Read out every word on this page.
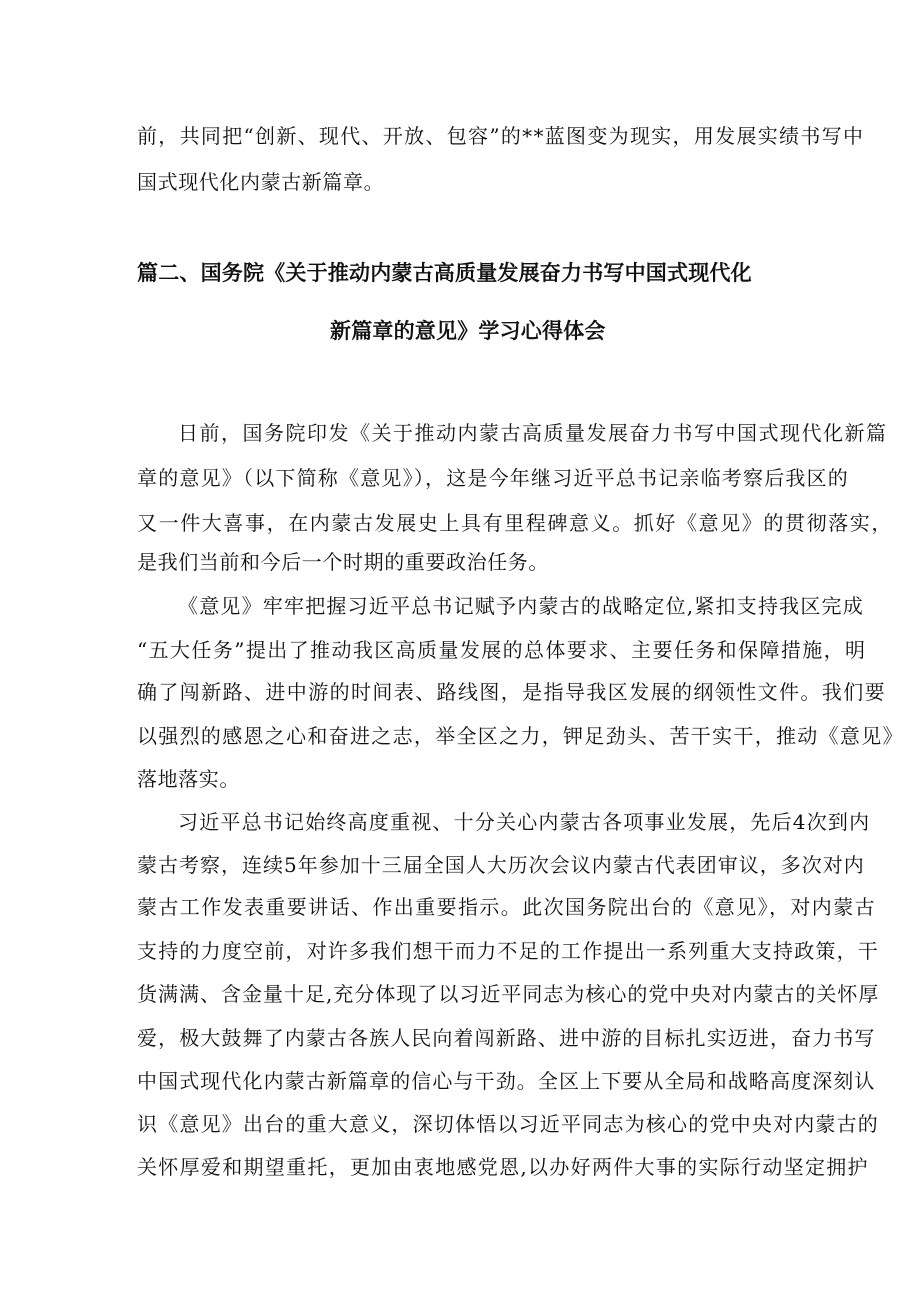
前，共同把“创新、现代、开放、包容”的**蓝图变为现实，用发展实绩书写中
国式现代化内蒙古新篇章。
篇二、国务院《关于推动内蒙古高质量发展奋力书写中国式现代化
新篇章的意见》学习心得体会
日前，国务院印发《关于推动内蒙古高质量发展奋力书写中国式现代化新篇
章的意见》（以下简称《意见》），这是今年继习近平总书记亲临考察后我区的
又一件大喜事，在内蒙古发展史上具有里程碑意义。抓好《意见》的贯彻落实，
是我们当前和今后一个时期的重要政治任务。
《意见》牢牢把握习近平总书记赋予内蒙古的战略定位,紧扣支持我区完成
“五大任务”提出了推动我区高质量发展的总体要求、主要任务和保障措施，明
确了闯新路、进中游的时间表、路线图，是指导我区发展的纲领性文件。我们要
以强烈的感恩之心和奋进之志，举全区之力，钾足劲头、苦干实干，推动《意见》
落地落实。
习近平总书记始终高度重视、十分关心内蒙古各项事业发展，先后4次到内
蒙古考察，连续5年参加十三届全国人大历次会议内蒙古代表团审议，多次对内
蒙古工作发表重要讲话、作出重要指示。此次国务院出台的《意见》，对内蒙古
支持的力度空前，对许多我们想干而力不足的工作提出一系列重大支持政策，干
货满满、含金量十足,充分体现了以习近平同志为核心的党中央对内蒙古的关怀厚
爱，极大鼓舞了内蒙古各族人民向着闯新路、进中游的目标扎实迈进，奋力书写
中国式现代化内蒙古新篇章的信心与干劲。全区上下要从全局和战略高度深刻认
识《意见》出台的重大意义，深切体悟以习近平同志为核心的党中央对内蒙古的
关怀厚爱和期望重托，更加由衷地感党恩,以办好两件大事的实际行动坚定拥护
